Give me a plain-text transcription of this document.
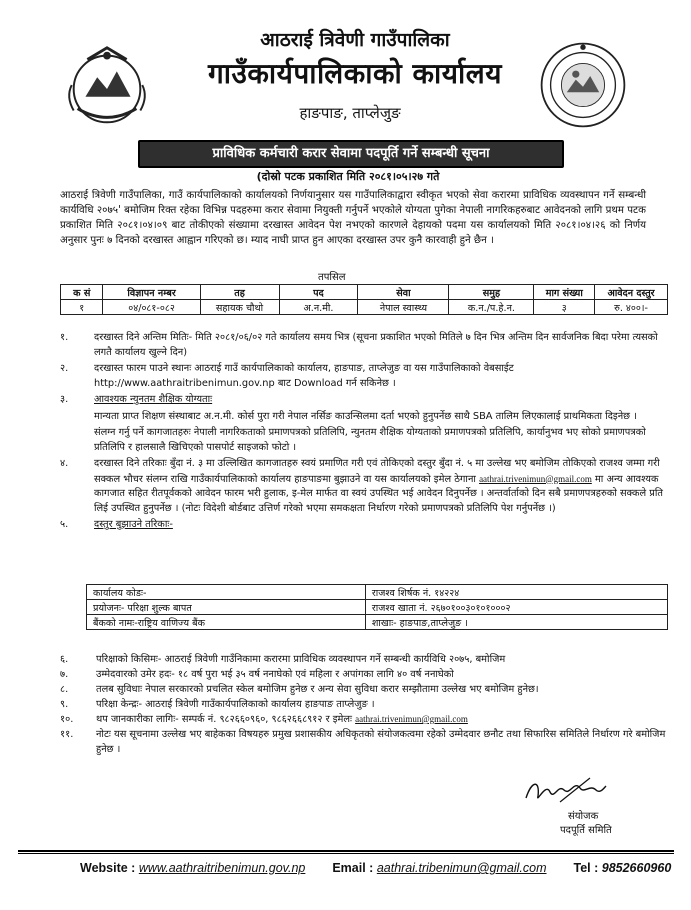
आठराई त्रिवेणी गाउँपालिका
गाउँकार्यपालिकाको कार्यालय
हाङपाङ, ताप्लेजुङ
प्राविधिक कर्मचारी करार सेवामा पदपूर्ति गर्ने सम्बन्धी सूचना
(दोस्रो पटक प्रकाशित मिति २०८१।०५।२७ गते
आठराई त्रिवेणी गाउँपालिका, गाउँ कार्यपालिकाको कार्यालयको निर्णयानुसार यस गाउँपालिकाद्वारा स्वीकृत भएको सेवा करारमा प्राविधिक व्यवस्थापन गर्ने सम्बन्धी कार्यविधि २०७५' बमोजिम रिक्त रहेका विभिन्न पदहरुमा करार सेवामा नियुक्ती गर्नुपर्ने भएकोले योग्यता पुगेका नेपाली नागरिकहरुबाट आवेदनको लागि प्रथम पटक प्रकाशित मिति २०८१।०४।०९ बाट तोकीएको संख्यामा दरखास्त आवेदन पेश नभएको कारणले देहायको पदमा यस कार्यालयको मिति २०८१।०४।२६ को निर्णय अनुसार पुनः ७ दिनको दरखास्त आह्वान गरिएको छ। म्याद नाघी प्राप्त हुन आएका दरखास्त उपर कुनै कारवाही हुने छैन ।
तपसिल
क सं	विज्ञापन नम्बर	तह	पद	सेवा	समुह	माग संख्या	आवेदन दस्तुर
१	०४/०८१-०८२	सहायक चौथो	अ.न.मी.	नेपाल स्वास्थ्य	क.न./प.हे.न.	३	रु. ४००।-
१.	दरखास्त दिने अन्तिम मितिः- मिति २०८१/०६/०२ गते कार्यालय समय भित्र (सूचना प्रकाशित भएको मितिले ७ दिन भित्र अन्तिम दिन सार्वजनिक बिदा परेमा त्यसको लगतै कार्यालय खुल्ने दिन)
२.	दरखास्त फारम पाउने स्थानः आठराई गाउँ कार्यपालिकाको कार्यालय, हाङपाङ, ताप्लेजुङ वा यस गाउँपालिकाको वेबसाईट http://www.aathraitribenimun.gov.np बाट Download गर्न सकिनेछ ।
३.	आवश्यक न्युनतम शैक्षिक योग्यताः
मान्यता प्राप्त शिक्षण संस्थाबाट अ.न.मी. कोर्स पुरा गरी नेपाल नर्सिङ काउन्सिलमा दर्ता भएको हुनुपर्नेछ साथै SBA तालिम लिएकालाई प्राथमिकता दिइनेछ ।
संलग्न गर्नु पर्ने कागजातहरुः नेपाली नागरिकताको प्रमाणपत्रको प्रतिलिपि, न्युनतम शैक्षिक योग्यताको प्रमाणपत्रको प्रतिलिपि, कार्यानुभव भए सोको प्रमाणपत्रको प्रतिलिपि र हालसालै खिचिएको पासपोर्ट साइजको फोटो ।
४.	दरखास्त दिने तरिकाः बुँदा नं. ३ मा उल्लिखित कागजातहरु स्वयं प्रमाणित गरी एवं तोकिएको दस्तुर बुँदा नं. ५ मा उल्लेख भए बमोजिम तोकिएको राजश्व जम्मा गरी सक्कल भौचर संलग्न राखि गाउँकार्यपालिकाको कार्यालय हाङपाङमा बुझाउने वा यस कार्यालयको इमेल ठेगाना aathrai.trivenimun@gmail.com मा अन्य आवश्यक कागजात सहित रीतपूर्वकको आवेदन फारम भरी हुलाक, इ-मेल मार्फत वा स्वयं उपस्थित भई आवेदन दिनुपर्नेछ । अन्तर्वार्ताको दिन सबै प्रमाणपत्रहरुको सक्कले प्रति लिई उपस्थित हुनुपर्नेछ । (नोटः विदेशी बोर्डबाट उत्तिर्ण गरेको भएमा समकक्षता निर्धारण गरेको प्रमाणपत्रको प्रतिलिपि पेश गर्नुपर्नेछ ।)
५.	दस्तुर बुझाउने तरिकाः-
कार्यालय कोडः-	राजश्व शिर्षक नं. १४२२४
प्रयोजनः- परिक्षा शुल्क बापत	राजश्व खाता नं. २६७०१००३०१०१०००२
बैंकको नामः-राष्ट्रिय वाणिज्य बैंक	शाखाः- हाङपाङ,ताप्लेजुङ ।
६.	परिक्षाको किसिमः- आठराई त्रिवेणी गाउँनिकामा करारमा प्राविधिक व्यवस्थापन गर्ने सम्बन्धी कार्यविधि २०७५, बमोजिम
७.	उम्मेदवारको उमेर हदः- १८ वर्ष पुरा भई ३५ वर्ष ननाघेको एवं महिला र अपांगका लागि ४० वर्ष ननाघेको
८.	तलब सुविधाः नेपाल सरकारको प्रचलित स्केल बमोजिम हुनेछ र अन्य सेवा सुविधा करार सम्झौतामा उल्लेख भए बमोजिम हुनेछ।
९.	परिक्षा केन्द्रः- आठराई त्रिवेणी गाउँकार्यपालिकाको कार्यालय हाङपाङ ताप्लेजुङ ।
१०.	थप जानकारीका लागिः- सम्पर्क नं. ९८२६६०९६०, ९८६२६६८९१२ र इमेलः aathrai.trivenimun@gmail.com
११.	नोटः यस सूचनामा उल्लेख भए बाहेकका विषयहरु प्रमुख प्रशासकीय अधिकृतको संयोजकत्वमा रहेको उम्मेदवार छनौट तथा सिफारिस समितिले निर्धारण गरे बमोजिम हुनेछ ।
संयोजक
पदपूर्ति समिति
Website : www.aathraitribenimun.gov.np Email : aathrai.tribenimun@gmail.com Tel : 9852660960
